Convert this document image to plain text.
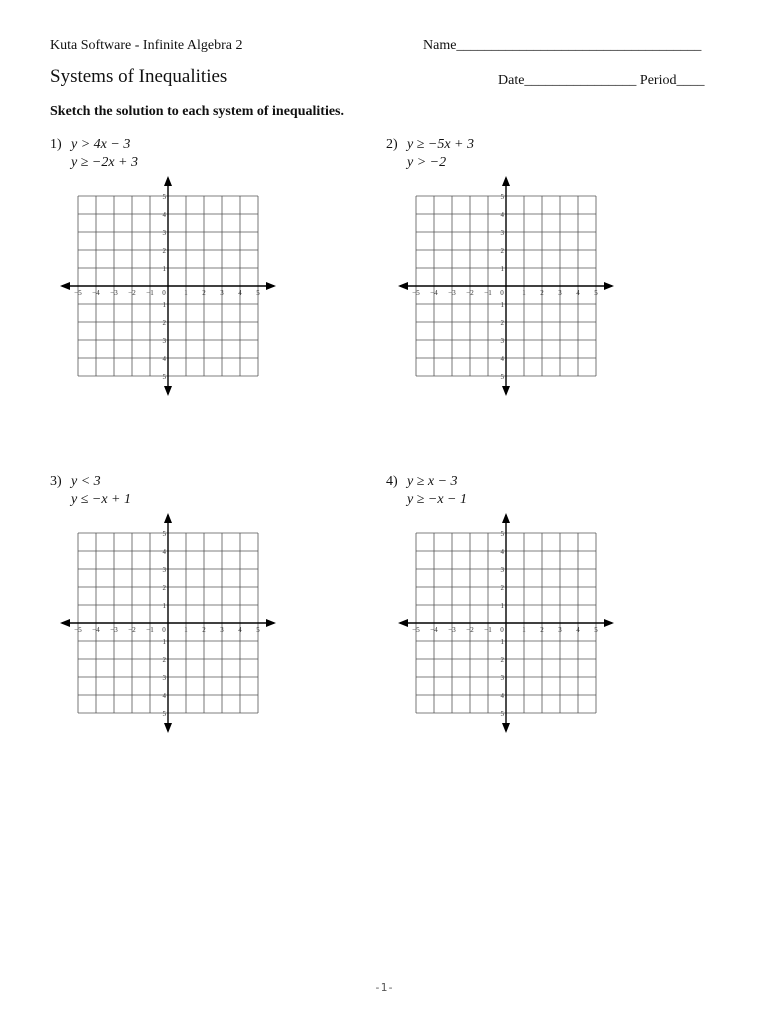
Kuta Software - Infinite Algebra 2	Name___________________________________
Systems of Inequalities	Date________________ Period____
Sketch the solution to each system of inequalities.
1) y > 4x − 3
y ≥ −2x + 3
2) y ≥ −5x + 3
y > −2
3) y < 3
y ≤ −x + 1
4) y ≥ x − 3
y ≥ −x − 1
−5 −4 −3 −2 −1 0	1 2 3 4 5
5
4
3
2
1
1
2
3
4
5
−5 −4 −3 −2 −1 0	1 2 3 4 5
5
4
3
2
1
1
2
3
4
5
−5 −4 −3 −2 −1 0	1 2 3 4 5
5
4
3
2
1
1
2
3
4
5
−5 −4 −3 −2 −1 0	1 2 3 4 5
5
4
3
2
1
1
2
3
4
5
-1-
